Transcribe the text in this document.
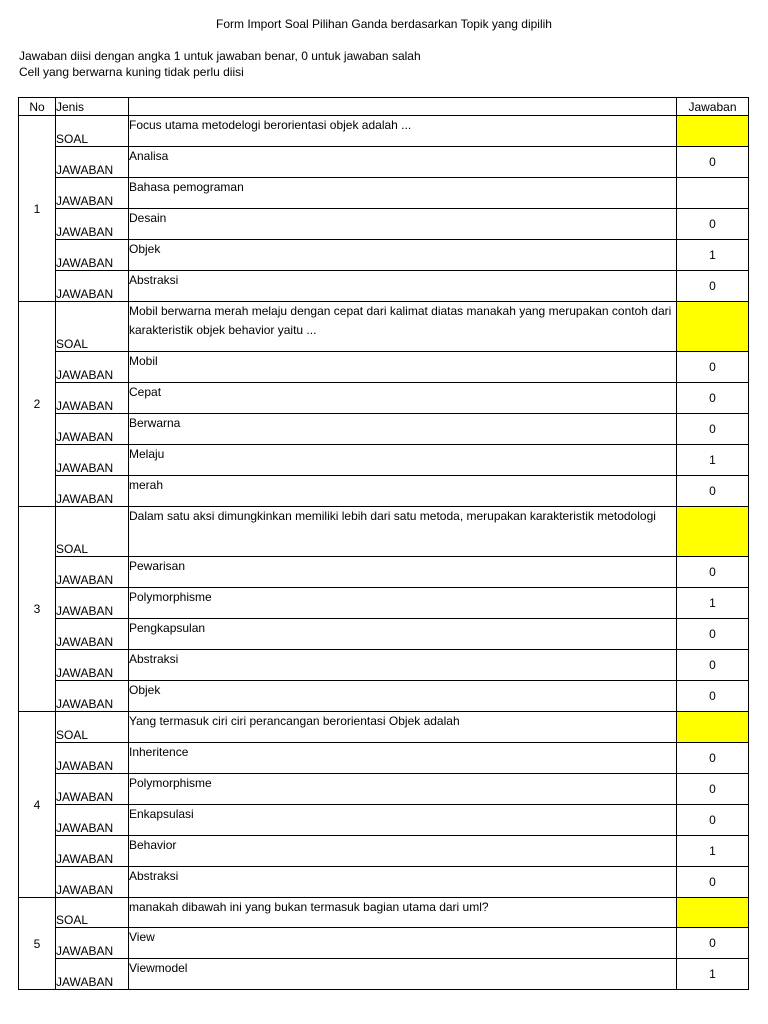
Form Import Soal Pilihan Ganda berdasarkan Topik yang dipilih
Jawaban diisi dengan angka 1 untuk jawaban benar, 0 untuk jawaban salah
Cell yang berwarna kuning tidak perlu diisi
No	Jenis		Jawaban
1	SOAL	Focus utama metodelogi berorientasi objek adalah ...	
	JAWABAN	Analisa	0
	JAWABAN	Bahasa pemograman	
	JAWABAN	Desain	0
	JAWABAN	Objek	1
	JAWABAN	Abstraksi	0
2	SOAL	Mobil berwarna merah melaju dengan cepat dari kalimat diatas manakah yang merupakan contoh dari karakteristik objek behavior yaitu ...	
	JAWABAN	Mobil	0
	JAWABAN	Cepat	0
	JAWABAN	Berwarna	0
	JAWABAN	Melaju	1
	JAWABAN	merah	0
3	SOAL	Dalam satu aksi dimungkinkan memiliki lebih dari satu metoda, merupakan karakteristik metodologi	
	JAWABAN	Pewarisan	0
	JAWABAN	Polymorphisme	1
	JAWABAN	Pengkapsulan	0
	JAWABAN	Abstraksi	0
	JAWABAN	Objek	0
4	SOAL	Yang termasuk ciri ciri perancangan berorientasi Objek adalah	
	JAWABAN	Inheritence	0
	JAWABAN	Polymorphisme	0
	JAWABAN	Enkapsulasi	0
	JAWABAN	Behavior	1
	JAWABAN	Abstraksi	0
5	SOAL	manakah dibawah ini yang bukan termasuk bagian utama dari uml?	
	JAWABAN	View	0
	JAWABAN	Viewmodel	1
